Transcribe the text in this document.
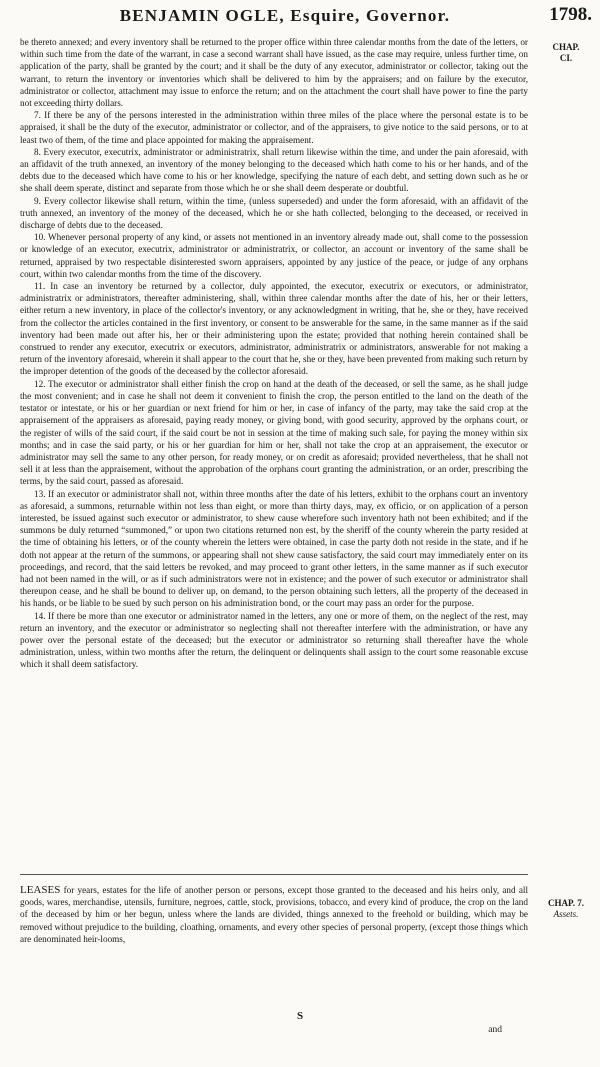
BENJAMIN OGLE, Esquire, Governor.	1798.
CHAP.
CI.

be thereto annexed; and every inventory shall be returned to the proper office within three calendar months from the date of the letters, or within such time from the date of the warrant, in case a second warrant shall have issued, as the case may require, unless further time, on application of the party, shall be granted by the court; and it shall be the duty of any executor, administrator or collector, taking out the warrant, to return the inventory or inventories which shall be delivered to him by the appraisers; and on failure by the executor, administrator or collector, attachment may issue to enforce the return; and on the attachment the court shall have power to fine the party not exceeding thirty dollars.

7. If there be any of the persons interested in the administration within three miles of the place where the personal estate is to be appraised, it shall be the duty of the executor, administrator or collector, and of the appraisers, to give notice to the said persons, or to at least two of them, of the time and place appointed for making the appraisement.

8. Every executor, executrix, administrator or administratrix, shall return likewise within the time, and under the pain aforesaid, with an affidavit of the truth annexed, an inventory of the money belonging to the deceased which hath come to his or her hands, and of the debts due to the deceased which have come to his or her knowledge, specifying the nature of each debt, and setting down such as he or she shall deem sperate, distinct and separate from those which he or she shall deem desperate or doubtful.

9. Every collector likewise shall return, within the time, (unless superseded) and under the form aforesaid, with an affidavit of the truth annexed, an inventory of the money of the deceased, which he or she hath collected, belonging to the deceased, or received in discharge of debts due to the deceased.

10. Whenever personal property of any kind, or assets not mentioned in an inventory already made out, shall come to the possession or knowledge of an executor, executrix, administrator or administratrix, or collector, an account or inventory of the same shall be returned, appraised by two respectable disinterested sworn appraisers, appointed by any justice of the peace, or judge of any orphans court, within two calendar months from the time of the discovery.

11. In case an inventory be returned by a collector, duly appointed, the executor, executrix or executors, or administrator, administratrix or administrators, thereafter administering, shall, within three calendar months after the date of his, her or their letters, either return a new inventory, in place of the collector's inventory, or any acknowledgment in writing, that he, she or they, have received from the collector the articles contained in the first inventory, or consent to be answerable for the same, in the same manner as if the said inventory had been made out after his, her or their administering upon the estate; provided that nothing herein contained shall be construed to render any executor, executrix or executors, administrator, administratrix or administrators, answerable for not making a return of the inventory aforesaid, wherein it shall appear to the court that he, she or they, have been prevented from making such return by the improper detention of the goods of the deceased by the collector aforesaid.

12. The executor or administrator shall either finish the crop on hand at the death of the deceased, or sell the same, as he shall judge the most convenient; and in case he shall not deem it convenient to finish the crop, the person entitled to the land on the death of the testator or intestate, or his or her guardian or next friend for him or her, in case of infancy of the party, may take the said crop at the appraisement of the appraisers as aforesaid, paying ready money, or giving bond, with good security, approved by the orphans court, or the register of wills of the said court, if the said court be not in session at the time of making such sale, for paying the money within six months; and in case the said party, or his or her guardian for him or her, shall not take the crop at an appraisement, the executor or administrator may sell the same to any other person, for ready money, or on credit as aforesaid; provided nevertheless, that he shall not sell it at less than the appraisement, without the approbation of the orphans court granting the administration, or an order, prescribing the terms, by the said court, passed as aforesaid.

13. If an executor or administrator shall not, within three months after the date of his letters, exhibit to the orphans court an inventory as aforesaid, a summons, returnable within not less than eight, or more than thirty days, may, ex officio, or on application of a person interested, be issued against such executor or administrator, to shew cause wherefore such inventory hath not been exhibited; and if the summons be duly returned “summoned,” or upon two citations returned non est, by the sheriff of the county wherein the party resided at the time of obtaining his letters, or of the county wherein the letters were obtained, in case the party doth not reside in the state, and if he doth not appear at the return of the summons, or appearing shall not shew cause satisfactory, the said court may immediately enter on its proceedings, and record, that the said letters be revoked, and may proceed to grant other letters, in the same manner as if such executor had not been named in the will, or as if such administrators were not in existence; and the power of such executor or administrator shall thereupon cease, and he shall be bound to deliver up, on demand, to the person obtaining such letters, all the property of the deceased in his hands, or be liable to be sued by such person on his administration bond, or the court may pass an order for the purpose.

14. If there be more than one executor or administrator named in the letters, any one or more of them, on the neglect of the rest, may return an inventory, and the executor or administrator so neglecting shall not thereafter interfere with the administration, or have any power over the personal estate of the deceased; but the executor or administrator so returning shall thereafter have the whole administration, unless, within two months after the return, the delinquent or delinquents shall assign to the court some reasonable excuse which it shall deem satisfactory.

LEASES for years, estates for the life of another person or persons, except those granted to the deceased and his heirs only, and all goods, wares, merchandise, utensils, furniture, negroes, cattle, stock, provisions, tobacco, and every kind of produce, the crop on the land of the deceased by him or her begun, unless where the lands are divided, things annexed to the freehold or building, which may be removed without prejudice to the building, cloathing, ornaments, and every other species of personal property, (except those things which are denominated heir-looms,

CHAP. 7.
Assets.
S
and
